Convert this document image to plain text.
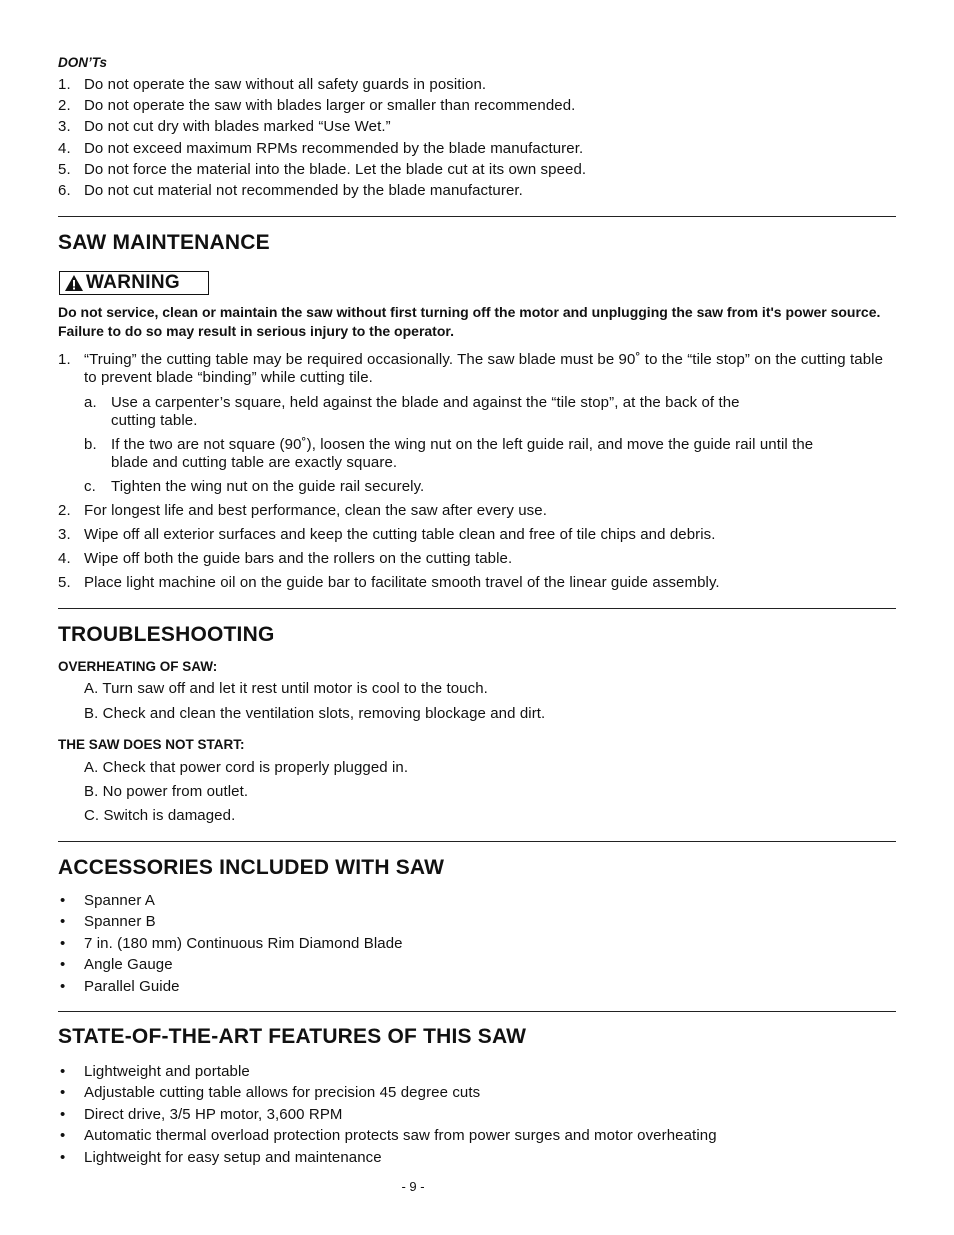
DON’Ts
1. Do not operate the saw without all safety guards in position.
2. Do not operate the saw with blades larger or smaller than recommended.
3. Do not cut dry with blades marked “Use Wet.”
4. Do not exceed maximum RPMs recommended by the blade manufacturer.
5. Do not force the material into the blade. Let the blade cut at its own speed.
6. Do not cut material not recommended by the blade manufacturer.
SAW MAINTENANCE
WARNING
Do not service, clean or maintain the saw without first turning off the motor and unplugging the saw from it's power source. Failure to do so may result in serious injury to the operator.
1. “Truing” the cutting table may be required occasionally. The saw blade must be 90˚ to the “tile stop” on the cutting table to prevent blade “binding” while cutting tile.
a. Use a carpenter’s square, held against the blade and against the “tile stop”, at the back of the
cutting table.
b. If the two are not square (90˚), loosen the wing nut on the left guide rail, and move the guide rail until the
blade and cutting table are exactly square.
c.	Tighten the wing nut on the guide rail securely.
2. For longest life and best performance, clean the saw after every use.
3. Wipe off all exterior surfaces and keep the cutting table clean and free of tile chips and debris.
4. Wipe off both the guide bars and the rollers on the cutting table.
5. Place light machine oil on the guide bar to facilitate smooth travel of the linear guide assembly.
TROUBLESHOOTING
OVERHEATING OF SAW:
A. Turn saw off and let it rest until motor is cool to the touch.
B. Check and clean the ventilation slots, removing blockage and dirt.
THE SAW DOES NOT START:
A. Check that power cord is properly plugged in.
B. No power from outlet.
C. Switch is damaged.
ACCESSORIES INCLUDED WITH SAW
•	Spanner A
•	Spanner B
•	7 in. (180 mm) Continuous Rim Diamond Blade
•	Angle Gauge
•	Parallel Guide
STATE-OF-THE-ART FEATURES OF THIS SAW
•	Lightweight and portable
•	Adjustable cutting table allows for precision 45 degree cuts
•	Direct drive, 3/5 HP motor, 3,600 RPM
•	Automatic thermal overload protection protects saw from power surges and motor overheating
•	Lightweight for easy setup and maintenance
- 9 -
